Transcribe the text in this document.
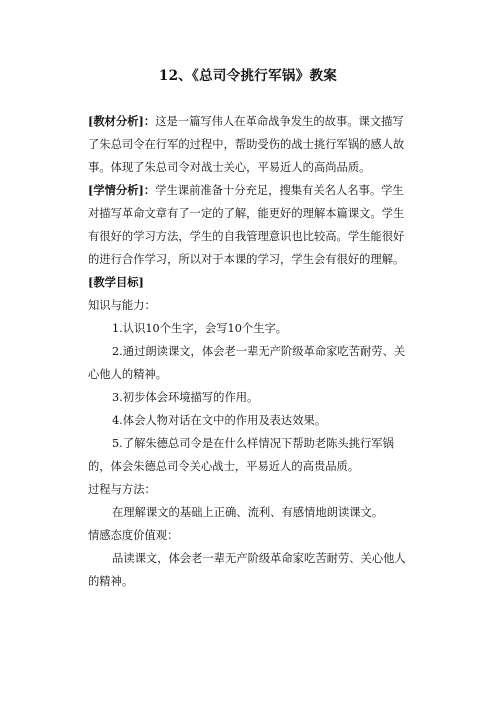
12、《总司令挑行军锅》教案

[教材分析]：这是一篇写伟人在革命战争发生的故事。课文描写了朱总司令在行军的过程中，帮助受伤的战士挑行军锅的感人故事。体现了朱总司令对战士关心，平易近人的高尚品质。

[学情分析]：学生课前准备十分充足，搜集有关名人名事。学生对描写革命文章有了一定的了解，能更好的理解本篇课文。学生有很好的学习方法，学生的自我管理意识也比较高。学生能很好的进行合作学习，所以对于本课的学习，学生会有很好的理解。

[教学目标]

知识与能力：

1.认识10个生字，会写10个生字。

2.通过朗读课文，体会老一辈无产阶级革命家吃苦耐劳、关心他人的精神。

3.初步体会环境描写的作用。

4.体会人物对话在文中的作用及表达效果。

5.了解朱德总司令是在什么样情况下帮助老陈头挑行军锅的，体会朱德总司令关心战士，平易近人的高贵品质。

过程与方法：

在理解课文的基础上正确、流利、有感情地朗读课文。

情感态度价值观：

品读课文，体会老一辈无产阶级革命家吃苦耐劳、关心他人的精神。
